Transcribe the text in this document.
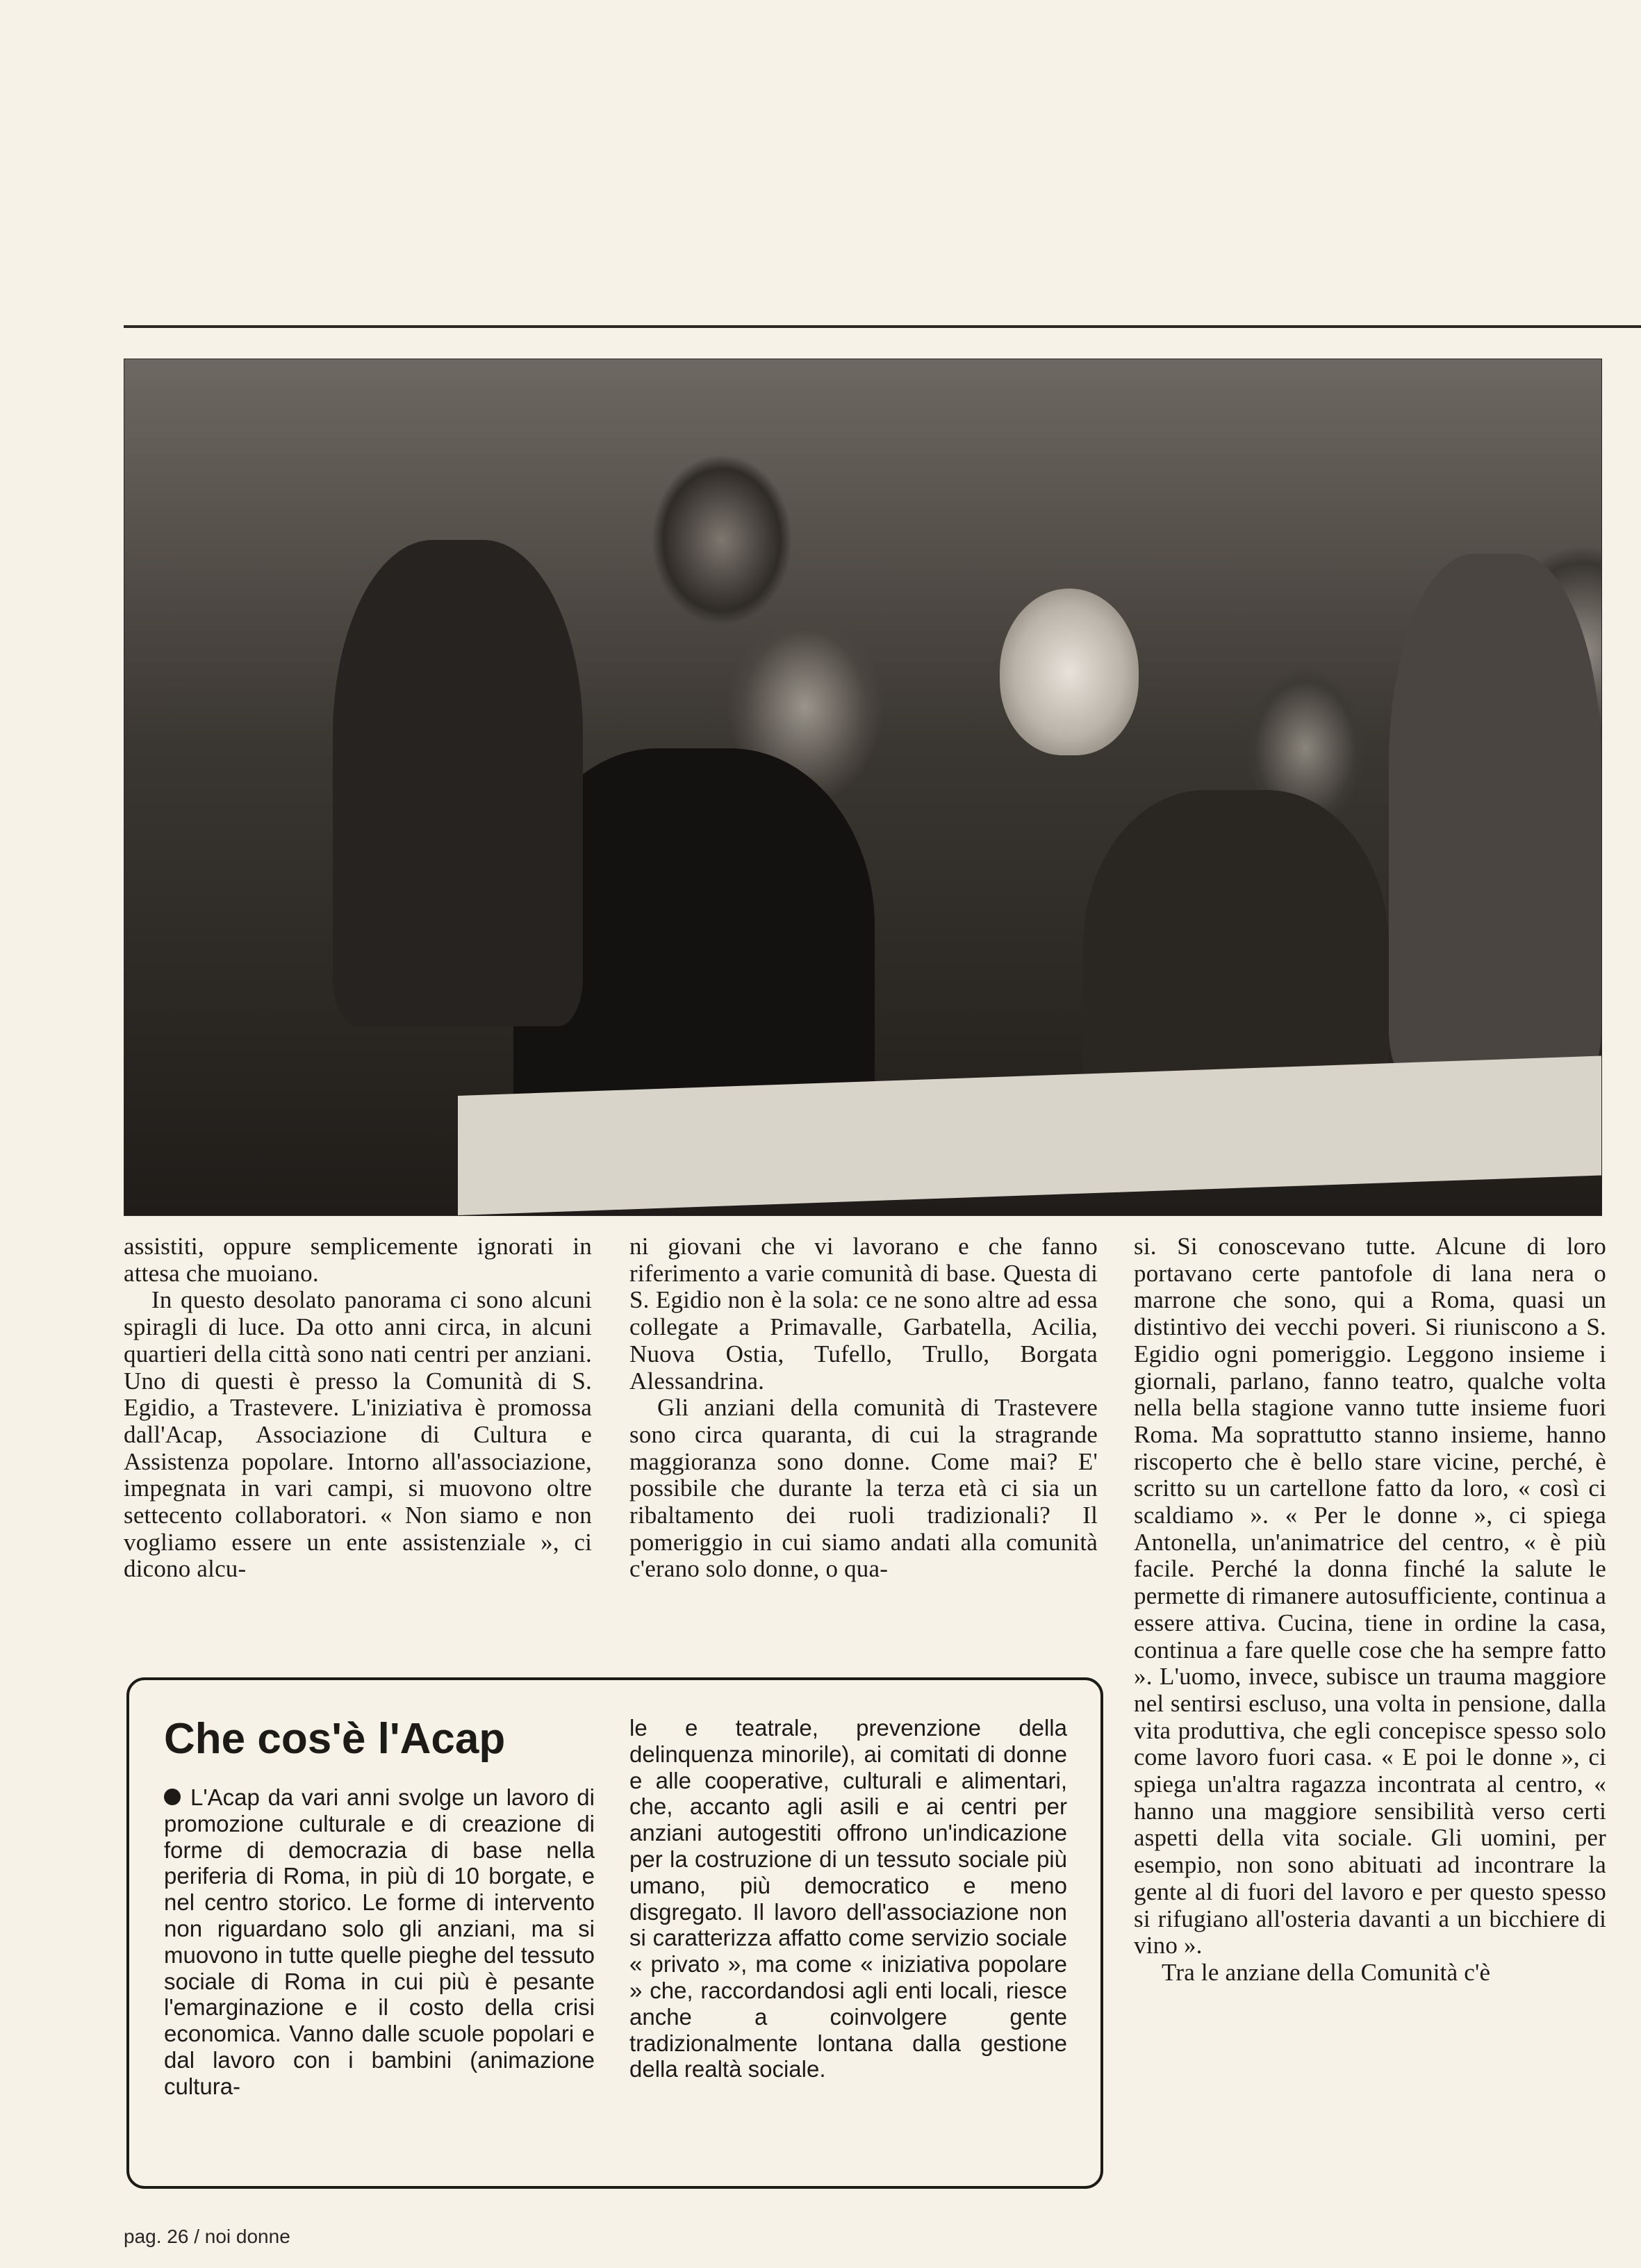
assistiti, oppure semplicemente ignorati in attesa che muoiano.

In questo desolato panorama ci sono alcuni spiragli di luce. Da otto anni circa, in alcuni quartieri della città sono nati centri per anziani. Uno di questi è presso la Comunità di S. Egidio, a Trastevere. L'iniziativa è promossa dall'Acap, Associazione di Cultura e Assistenza popolare. Intorno all'associazione, impegnata in vari campi, si muovono oltre settecento collaboratori. « Non siamo e non vogliamo essere un ente assistenziale », ci dicono alcu-

ni giovani che vi lavorano e che fanno riferimento a varie comunità di base. Questa di S. Egidio non è la sola: ce ne sono altre ad essa collegate a Primavalle, Garbatella, Acilia, Nuova Ostia, Tufello, Trullo, Borgata Alessandrina.

Gli anziani della comunità di Trastevere sono circa quaranta, di cui la stragrande maggioranza sono donne. Come mai? E' possibile che durante la terza età ci sia un ribaltamento dei ruoli tradizionali? Il pomeriggio in cui siamo andati alla comunità c'erano solo donne, o qua-

si. Si conoscevano tutte. Alcune di loro portavano certe pantofole di lana nera o marrone che sono, qui a Roma, quasi un distintivo dei vecchi poveri. Si riuniscono a S. Egidio ogni pomeriggio. Leggono insieme i giornali, parlano, fanno teatro, qualche volta nella bella stagione vanno tutte insieme fuori Roma. Ma soprattutto stanno insieme, hanno riscoperto che è bello stare vicine, perché, è scritto su un cartellone fatto da loro, « così ci scaldiamo ». « Per le donne », ci spiega Antonella, un'animatrice del centro, « è più facile. Perché la donna finché la salute le permette di rimanere autosufficiente, continua a essere attiva. Cucina, tiene in ordine la casa, continua a fare quelle cose che ha sempre fatto ». L'uomo, invece, subisce un trauma maggiore nel sentirsi escluso, una volta in pensione, dalla vita produttiva, che egli concepisce spesso solo come lavoro fuori casa. « E poi le donne », ci spiega un'altra ragazza incontrata al centro, « hanno una maggiore sensibilità verso certi aspetti della vita sociale. Gli uomini, per esempio, non sono abituati ad incontrare la gente al di fuori del lavoro e per questo spesso si rifugiano all'osteria davanti a un bicchiere di vino ».

Tra le anziane della Comunità c'è

Che cos'è l'Acap
L'Acap da vari anni svolge un lavoro di promozione culturale e di creazione di forme di democrazia di base nella periferia di Roma, in più di 10 borgate, e nel centro storico. Le forme di intervento non riguardano solo gli anziani, ma si muovono in tutte quelle pieghe del tessuto sociale di Roma in cui più è pesante l'emarginazione e il costo della crisi economica. Vanno dalle scuole popolari e dal lavoro con i bambini (animazione cultura-
le e teatrale, prevenzione della delinquenza minorile), ai comitati di donne e alle cooperative, culturali e alimentari, che, accanto agli asili e ai centri per anziani autogestiti offrono un'indicazione per la costruzione di un tessuto sociale più umano, più democratico e meno disgregato. Il lavoro dell'associazione non si caratterizza affatto come servizio sociale « privato », ma come « iniziativa popolare » che, raccordandosi agli enti locali, riesce anche a coinvolgere gente tradizionalmente lontana dalla gestione della realtà sociale.
pag. 26 / noi donne
